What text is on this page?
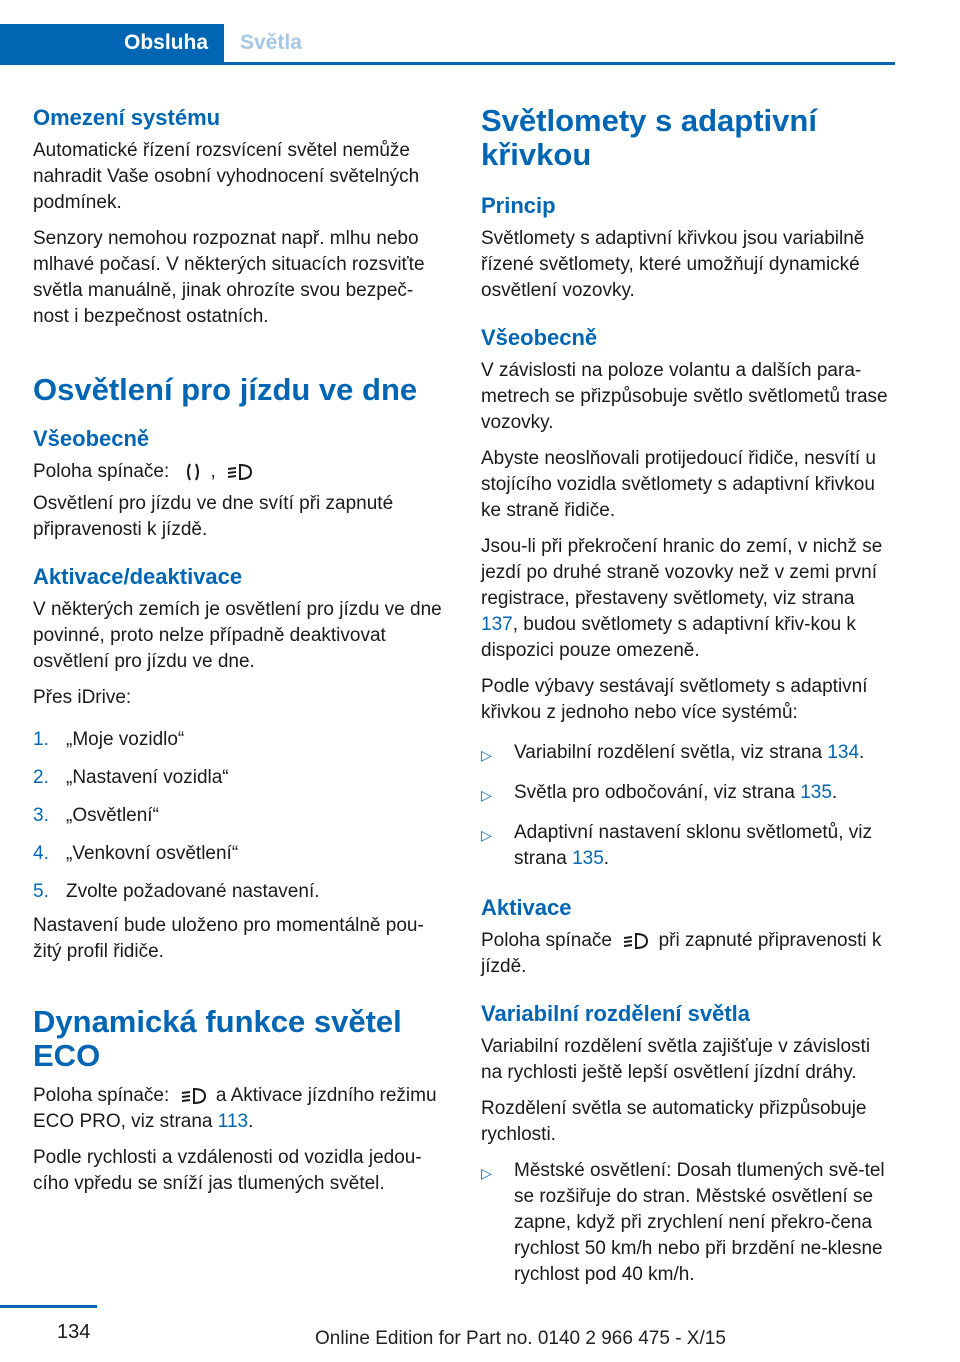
Obsluha	Světla
Omezení systému

Automatické řízení rozsvícení světel nemůže nahradit Vaše osobní vyhodnocení světelných podmínek.

Senzory nemohou rozpoznat např. mlhu nebo mlhavé počasí. V některých situacích rozsviťte světla manuálně, jinak ohrozíte svou bezpeč‐nost i bezpečnost ostatních.

Osvětlení pro jízdu ve dne
Všeobecně

Poloha spínače: ,

Osvětlení pro jízdu ve dne svítí při zapnuté připravenosti k jízdě.

Aktivace/deaktivace

V některých zemích je osvětlení pro jízdu ve dne povinné, proto nelze případně deaktivovat osvětlení pro jízdu ve dne.

Přes iDrive:

1. „Moje vozidlo“
2. „Nastavení vozidla“
3. „Osvětlení“
4. „Venkovní osvětlení“
5. Zvolte požadované nastavení.

Nastavení bude uloženo pro momentálně pou‐žitý profil řidiče.

Dynamická funkce světel ECO

Poloha spínače: a Aktivace jízdního režimu ECO PRO, viz strana 113.

Podle rychlosti a vzdálenosti od vozidla jedou‐cího vpředu se sníží jas tlumených světel.

Světlomety s adaptivní křivkou
Princip

Světlomety s adaptivní křivkou jsou variabilně řízené světlomety, které umožňují dynamické osvětlení vozovky.

Všeobecně

V závislosti na poloze volantu a dalších para‐metrech se přizpůsobuje světlo světlometů trase vozovky.

Abyste neoslňovali protijedoucí řidiče, nesvítí u stojícího vozidla světlomety s adaptivní křivkou ke straně řidiče.

Jsou-li při překročení hranic do zemí, v nichž se jezdí po druhé straně vozovky než v zemi první registrace, přestaveny světlomety, viz strana 137, budou světlomety s adaptivní křiv‐kou k dispozici pouze omezeně.

Podle výbavy sestávají světlomety s adaptivní křivkou z jednoho nebo více systémů:

▷ Variabilní rozdělení světla, viz strana 134.
▷ Světla pro odbočování, viz strana 135.
▷ Adaptivní nastavení sklonu světlometů, viz strana 135.
Aktivace

Poloha spínače při zapnuté připravenosti k jízdě.

Variabilní rozdělení světla

Variabilní rozdělení světla zajišťuje v závislosti na rychlosti ještě lepší osvětlení jízdní dráhy.

Rozdělení světla se automaticky přizpůsobuje rychlosti.

▷ Městské osvětlení: Dosah tlumených svě‐tel se rozšiřuje do stran. Městské osvětlení se zapne, když při zrychlení není překro‐čena rychlost 50 km/h nebo při brzdění ne‐klesne rychlost pod 40 km/h.
134	Online Edition for Part no. 0140 2 966 475 - X/15
